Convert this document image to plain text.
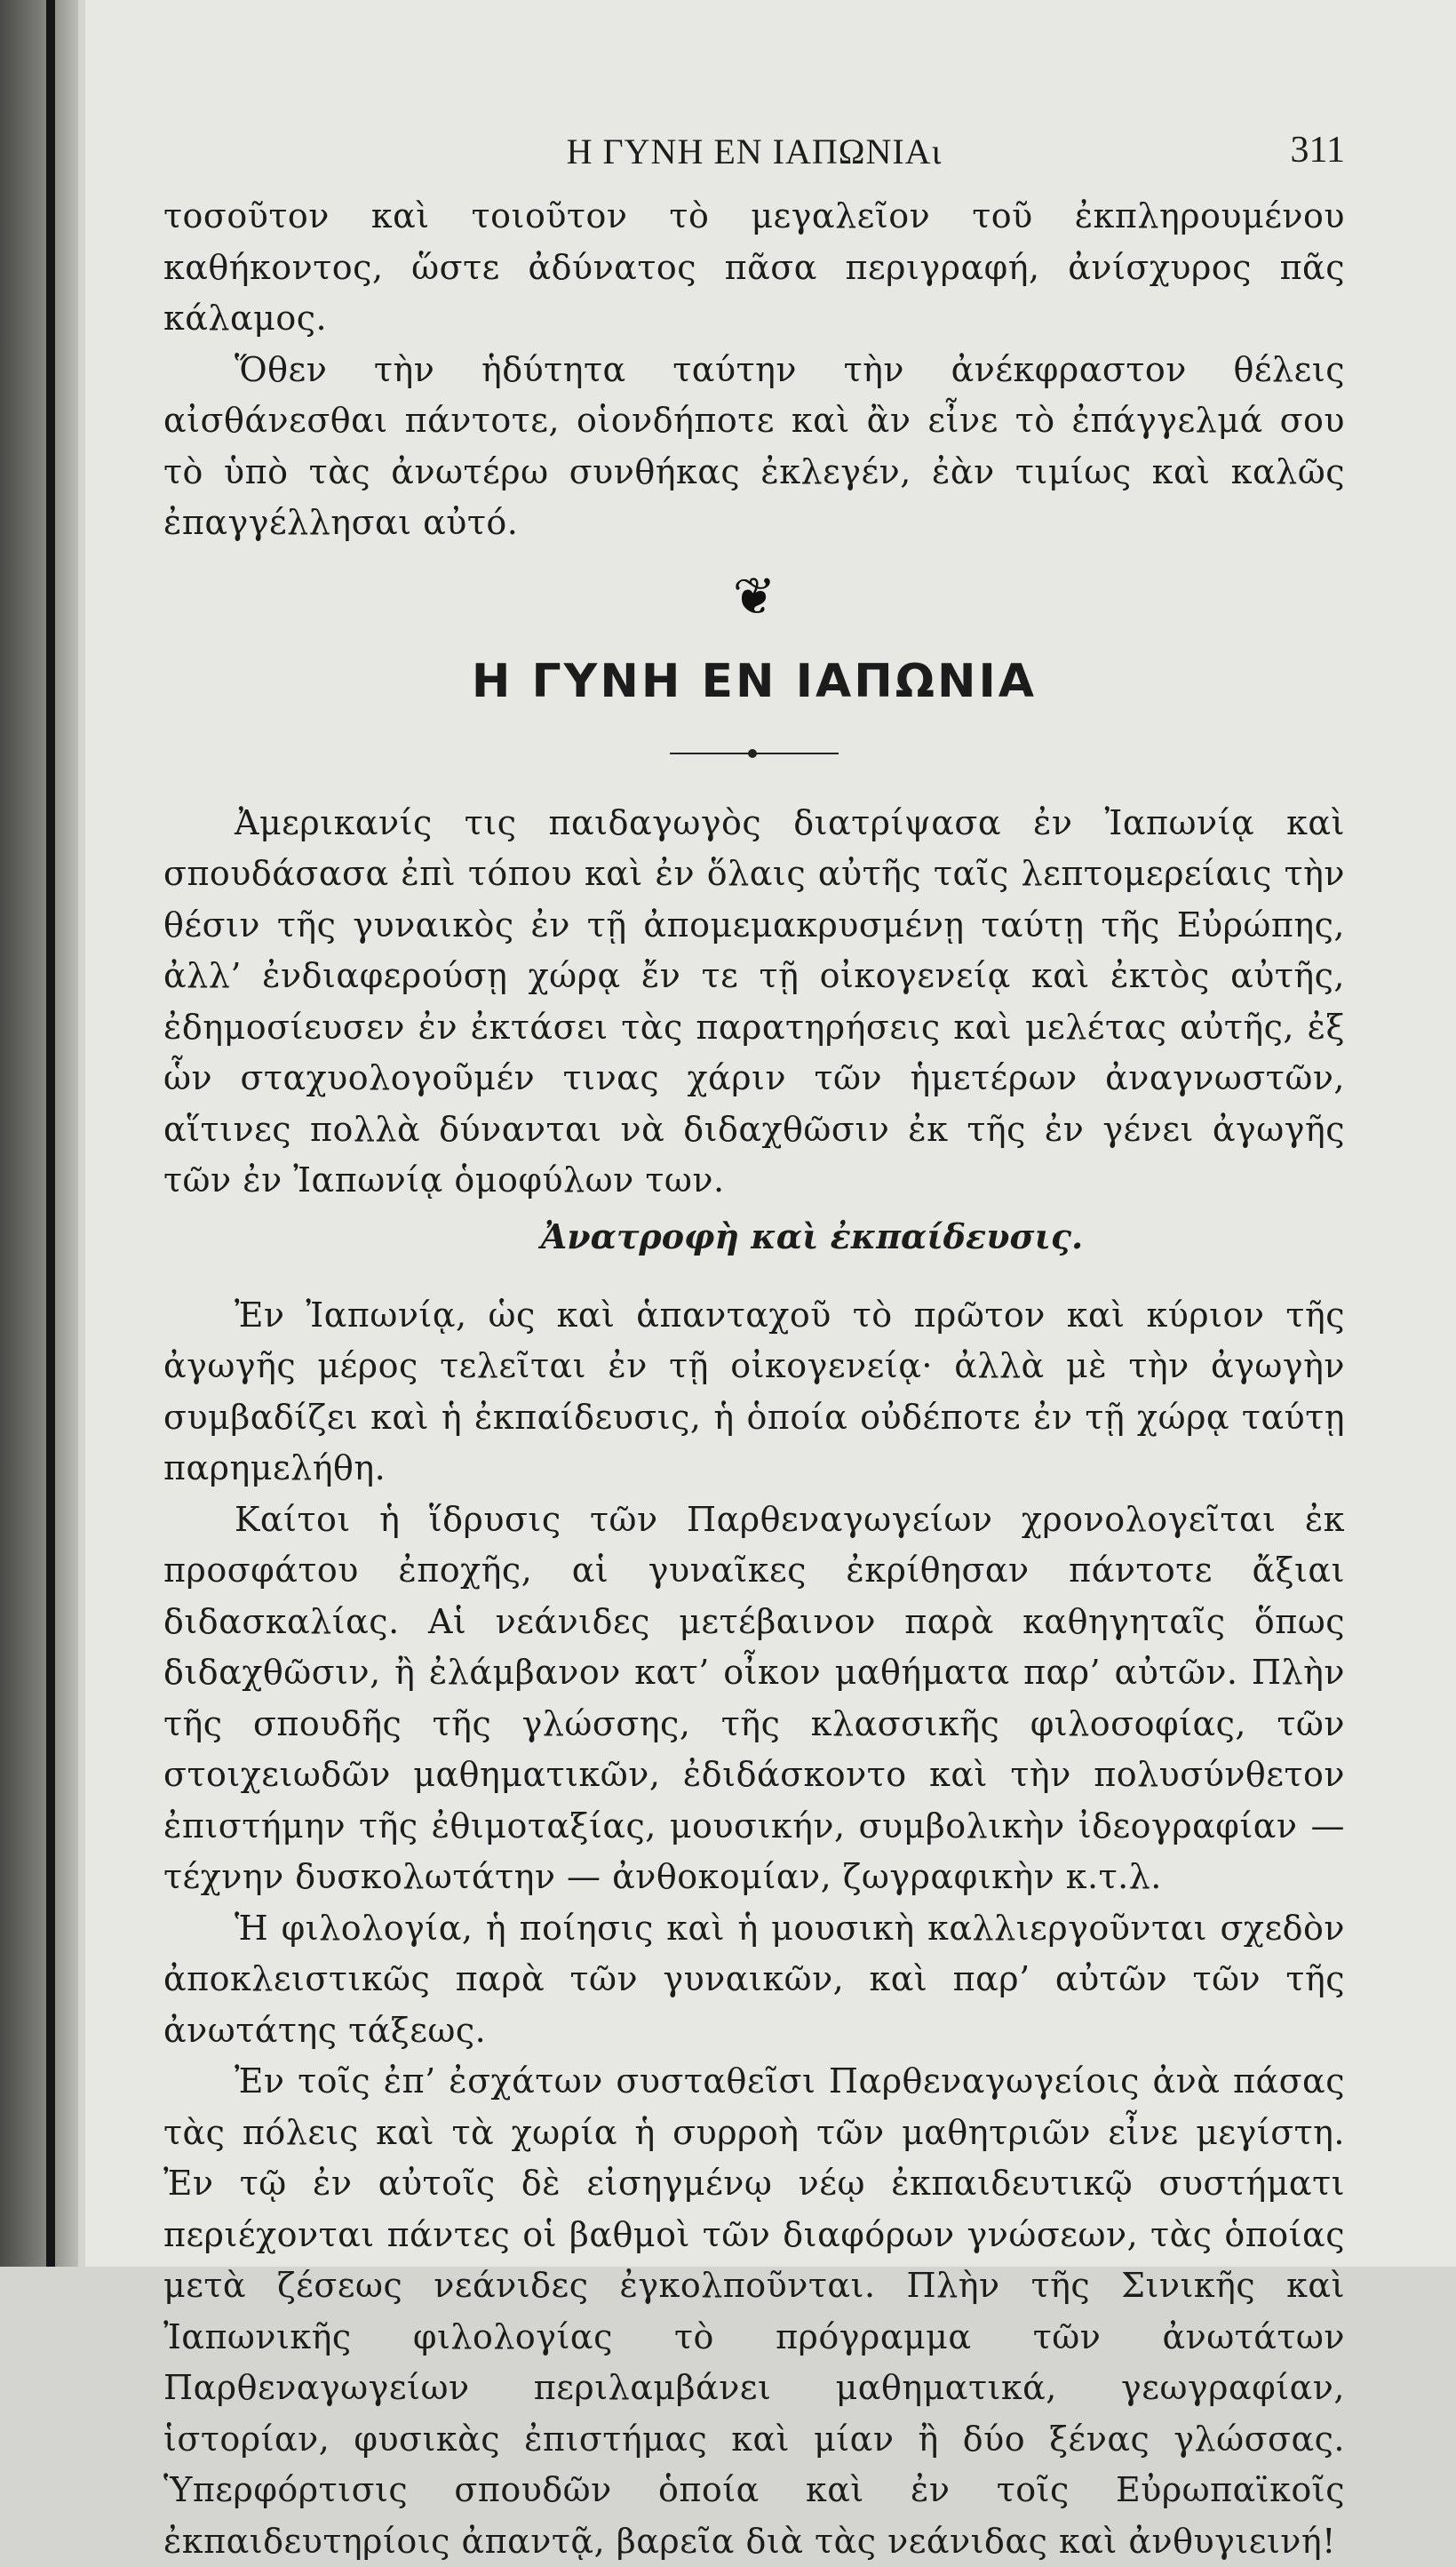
Η ΓΥΝΗ ΕΝ ΙΑΠΩΝΙΑι	311

τοσοῦτον καὶ τοιοῦτον τὸ μεγαλεῖον τοῦ ἐκπληρουμένου καθήκοντος, ὥστε ἀδύνατος πᾶσα περιγραφή, ἀνίσχυρος πᾶς κάλαμος.

Ὅθεν τὴν ἡδύτητα ταύτην τὴν ἀνέκφραστον θέλεις αἰσθάνεσθαι πάντοτε, οἱονδήποτε καὶ ἂν εἶνε τὸ ἐπάγγελμά σου τὸ ὑπὸ τὰς ἀνωτέρω συνθήκας ἐκλεγέν, ἐὰν τιμίως καὶ καλῶς ἐπαγγέλλησαι αὐτό.

❦
Η ΓΥΝΗ ΕΝ ΙΑΠΩΝΙΑ

Ἀμερικανίς τις παιδαγωγὸς διατρίψασα ἐν Ἰαπωνίᾳ καὶ σπουδάσασα ἐπὶ τόπου καὶ ἐν ὅλαις αὐτῆς ταῖς λεπτομερείαις τὴν θέσιν τῆς γυναικὸς ἐν τῇ ἀπομεμακρυσμένῃ ταύτῃ τῆς Εὐρώπης, ἀλλ’ ἐνδιαφερούσῃ χώρᾳ ἔν τε τῇ οἰκογενείᾳ καὶ ἐκτὸς αὐτῆς, ἐδημοσίευσεν ἐν ἐκτάσει τὰς παρατηρήσεις καὶ μελέτας αὐτῆς, ἐξ ὧν σταχυολογοῦμέν τινας χάριν τῶν ἡμετέρων ἀναγνωστῶν, αἵτινες πολλὰ δύνανται νὰ διδαχθῶσιν ἐκ τῆς ἐν γένει ἀγωγῆς τῶν ἐν Ἰαπωνίᾳ ὁμοφύλων των.

Ἀνατροφὴ καὶ ἐκπαίδευσις.

Ἐν Ἰαπωνίᾳ, ὡς καὶ ἁπανταχοῦ τὸ πρῶτον καὶ κύριον τῆς ἀγωγῆς μέρος τελεῖται ἐν τῇ οἰκογενείᾳ· ἀλλὰ μὲ τὴν ἀγωγὴν συμβαδίζει καὶ ἡ ἐκπαίδευσις, ἡ ὁποία οὐδέποτε ἐν τῇ χώρᾳ ταύτῃ παρημελήθη.

Καίτοι ἡ ἵδρυσις τῶν Παρθεναγωγείων χρονολογεῖται ἐκ προσφάτου ἐποχῆς, αἱ γυναῖκες ἐκρίθησαν πάντοτε ἄξιαι διδασκαλίας. Αἱ νεάνιδες μετέβαινον παρὰ καθηγηταῖς ὅπως διδαχθῶσιν, ἢ ἐλάμβανον κατ’ οἶκον μαθήματα παρ’ αὐτῶν. Πλὴν τῆς σπουδῆς τῆς γλώσσης, τῆς κλασσικῆς φιλοσοφίας, τῶν στοιχειωδῶν μαθηματικῶν, ἐδιδάσκοντο καὶ τὴν πολυσύνθετον ἐπιστήμην τῆς ἐθιμοταξίας, μουσικήν, συμβολικὴν ἰδεογραφίαν — τέχνην δυσκολωτάτην — ἀνθοκομίαν, ζωγραφικὴν κ.τ.λ.

Ἡ φιλολογία, ἡ ποίησις καὶ ἡ μουσικὴ καλλιεργοῦνται σχεδὸν ἀποκλειστικῶς παρὰ τῶν γυναικῶν, καὶ παρ’ αὐτῶν τῶν τῆς ἀνωτάτης τάξεως.

Ἐν τοῖς ἐπ’ ἐσχάτων συσταθεῖσι Παρθεναγωγείοις ἀνὰ πάσας τὰς πόλεις καὶ τὰ χωρία ἡ συρροὴ τῶν μαθητριῶν εἶνε μεγίστη. Ἐν τῷ ἐν αὐτοῖς δὲ εἰσηγμένῳ νέῳ ἐκπαιδευτικῷ συστήματι περιέχονται πάντες οἱ βαθμοὶ τῶν διαφόρων γνώσεων, τὰς ὁποίας μετὰ ζέσεως νεάνιδες ἐγκολποῦνται. Πλὴν τῆς Σινικῆς καὶ Ἰαπωνικῆς φιλολογίας τὸ πρόγραμμα τῶν ἀνωτάτων Παρθεναγωγείων περιλαμβάνει μαθηματικά, γεωγραφίαν, ἱστορίαν, φυσικὰς ἐπιστήμας καὶ μίαν ἢ δύο ξένας γλώσσας. Ὑπερφόρτισις σπουδῶν ὁποία καὶ ἐν τοῖς Εὐρωπαϊκοῖς ἐκπαιδευτηρίοις ἀπαντᾷ, βαρεῖα διὰ τὰς νεάνιδας καὶ ἀνθυγιεινή!
